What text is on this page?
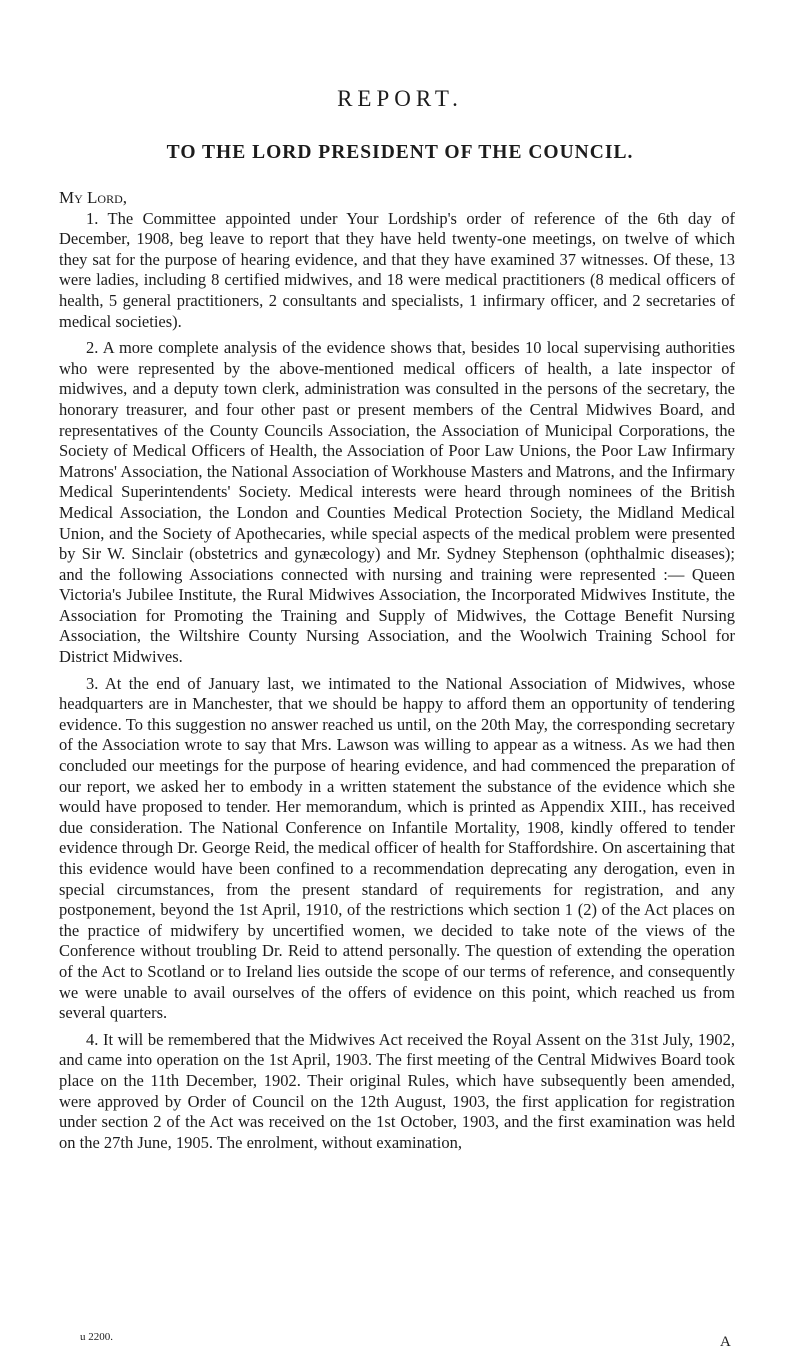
REPORT.
TO THE LORD PRESIDENT OF THE COUNCIL.

My Lord,

1. The Committee appointed under Your Lordship's order of reference of the 6th day of December, 1908, beg leave to report that they have held twenty-one meetings, on twelve of which they sat for the purpose of hearing evidence, and that they have examined 37 witnesses. Of these, 13 were ladies, including 8 certified midwives, and 18 were medical practitioners (8 medical officers of health, 5 general practitioners, 2 consultants and specialists, 1 infirmary officer, and 2 secretaries of medical societies).

2. A more complete analysis of the evidence shows that, besides 10 local supervising authorities who were represented by the above-mentioned medical officers of health, a late inspector of midwives, and a deputy town clerk, administration was consulted in the persons of the secretary, the honorary treasurer, and four other past or present members of the Central Midwives Board, and representatives of the County Councils Association, the Association of Municipal Corporations, the Society of Medical Officers of Health, the Association of Poor Law Unions, the Poor Law Infirmary Matrons' Association, the National Association of Workhouse Masters and Matrons, and the Infirmary Medical Superintendents' Society. Medical interests were heard through nominees of the British Medical Association, the London and Counties Medical Protection Society, the Midland Medical Union, and the Society of Apothecaries, while special aspects of the medical problem were presented by Sir W. Sinclair (obstetrics and gynæcology) and Mr. Sydney Stephenson (ophthalmic diseases); and the following Associations connected with nursing and training were represented :— Queen Victoria's Jubilee Institute, the Rural Midwives Association, the Incorporated Midwives Institute, the Association for Promoting the Training and Supply of Midwives, the Cottage Benefit Nursing Association, the Wiltshire County Nursing Association, and the Woolwich Training School for District Midwives.

3. At the end of January last, we intimated to the National Association of Midwives, whose headquarters are in Manchester, that we should be happy to afford them an opportunity of tendering evidence. To this suggestion no answer reached us until, on the 20th May, the corresponding secretary of the Association wrote to say that Mrs. Lawson was willing to appear as a witness. As we had then concluded our meetings for the purpose of hearing evidence, and had commenced the preparation of our report, we asked her to embody in a written statement the substance of the evidence which she would have proposed to tender. Her memorandum, which is printed as Appendix XIII., has received due consideration. The National Conference on Infantile Mortality, 1908, kindly offered to tender evidence through Dr. George Reid, the medical officer of health for Staffordshire. On ascertaining that this evidence would have been confined to a recommendation deprecating any derogation, even in special circumstances, from the present standard of requirements for registration, and any postponement, beyond the 1st April, 1910, of the restrictions which section 1 (2) of the Act places on the practice of midwifery by uncertified women, we decided to take note of the views of the Conference without troubling Dr. Reid to attend personally. The question of extending the operation of the Act to Scotland or to Ireland lies outside the scope of our terms of reference, and consequently we were unable to avail ourselves of the offers of evidence on this point, which reached us from several quarters.

4. It will be remembered that the Midwives Act received the Royal Assent on the 31st July, 1902, and came into operation on the 1st April, 1903. The first meeting of the Central Midwives Board took place on the 11th December, 1902. Their original Rules, which have subsequently been amended, were approved by Order of Council on the 12th August, 1903, the first application for registration under section 2 of the Act was received on the 1st October, 1903, and the first examination was held on the 27th June, 1905. The enrolment, without examination,

u 2200.	A
